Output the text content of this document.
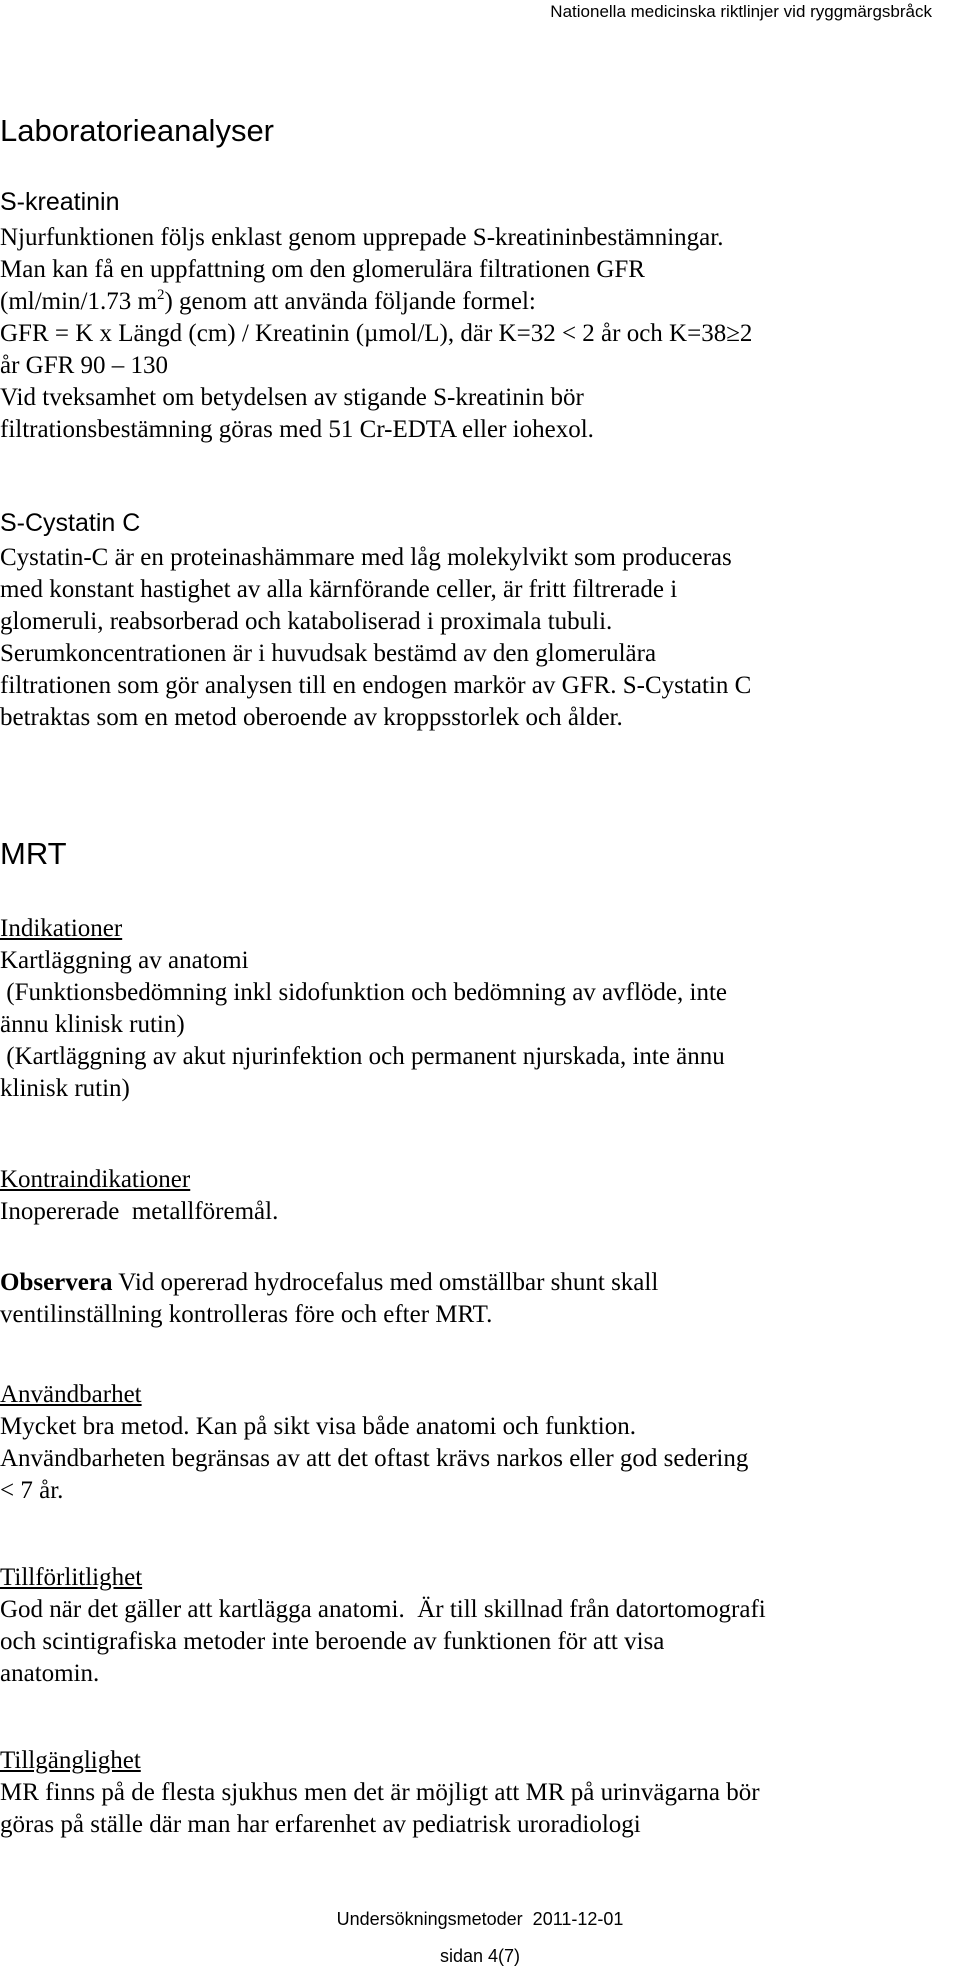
Nationella medicinska riktlinjer vid ryggmärgsbråck
Laboratorieanalyser
S-kreatinin

Njurfunktionen följs enklast genom upprepade S-kreatininbestämningar.

Man kan få en uppfattning om den glomerulära filtrationen GFR

(ml/min/1.73 $m^2$) genom att använda följande formel:

GFR = K x Längd (cm) / Kreatinin (µmol/L), där K=32 < 2 år och K=38≥2

år GFR 90 – 130

Vid tveksamhet om betydelsen av stigande S-kreatinin bör

filtrationsbestämning göras med 51 Cr-EDTA eller iohexol.

S-Cystatin C

Cystatin-C är en proteinashämmare med låg molekylvikt som produceras

med konstant hastighet av alla kärnförande celler, är fritt filtrerade i

glomeruli, reabsorberad och kataboliserad i proximala tubuli.

Serumkoncentrationen är i huvudsak bestämd av den glomerulära

filtrationen som gör analysen till en endogen markör av GFR. S-Cystatin C

betraktas som en metod oberoende av kroppsstorlek och ålder.

MRT

Indikationer

Kartläggning av anatomi

(Funktionsbedömning inkl sidofunktion och bedömning av avflöde, inte

ännu klinisk rutin)

(Kartläggning av akut njurinfektion och permanent njurskada, inte ännu

klinisk rutin)

Kontraindikationer

Inopererade  metallföremål.

Observera Vid opererad hydrocefalus med omställbar shunt skall

ventilinställning kontrolleras före och efter MRT.

Användbarhet

Mycket bra metod. Kan på sikt visa både anatomi och funktion.

Användbarheten begränsas av att det oftast krävs narkos eller god sedering

< 7 år.

Tillförlitlighet

God när det gäller att kartlägga anatomi.  Är till skillnad från datortomografi

och scintigrafiska metoder inte beroende av funktionen för att visa

anatomin.

Tillgänglighet

MR finns på de flesta sjukhus men det är möjligt att MR på urinvägarna bör

göras på ställe där man har erfarenhet av pediatrisk uroradiologi

Undersökningsmetoder  2011-12-01
sidan 4(7)
